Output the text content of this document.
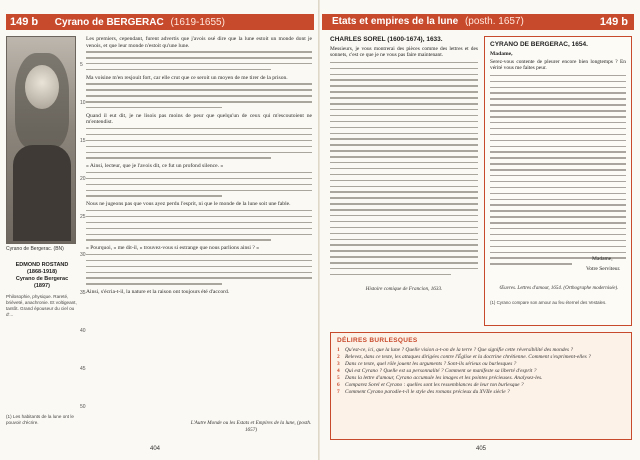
149 b Cyrano de BERGERAC (1619-1655)
Cyrano de Bergerac. (BN)
EDMOND ROSTAND
(1868-1918)
Cyrano de Bergerac
(1897)
Philosophie, physique. Rareté, brièveté, anachronie. Et voltigeant, tantôt. Grand épouseur du ciel ou d'...
(1) Les habitants de la lune ont le pouvoir d'écrire.

Les premiers, cependant, furent advertis que j'avois osé dire que la lune estoit un monde dont je venois, et que leur monde n'estoit qu'une lune.

Ma voisine m'en resjouit fort, car elle crut que ce seroit un moyen de me tirer de la prison.

Quand il eut dit, je ne lisois pas moins de peur que quelqu'un de ceux qui m'escoutoient ne m'entendist.

« Ainsi, lecteur, que je l'avois dit, ce fut un profond silence. »

Nous ne jugeons pas que vous ayez perdu l'esprit, ni que le monde de la lune soit une fable.

« Pourquoi, » me dit-il, « trouvez-vous si estrange que nous parlions ainsi ? »

Ainsi, s'écria-t-il, la nature et la raison ont toujours été d'accord.

5
10
15
20
25
30
35
40
45
50
L'Autre Monde ou les Estats et Empires de la lune, (posth. 1657)
404
Etats et empires de la lune (posth. 1657)	149 b
CHARLES SOREL (1600-1674), 1633.

Messieurs, je vous montrerai des pièces comme des lettres et des sonnets, c'est ce que je ne vous pas faire maintenant.

Histoire comique de Francion, 1633.
CYRANO DE BERGERAC, 1654.

Madame,

Serez-vous contente de pleurer encore bien longtemps ? En vérité vous me faites peur.

Madame,
Votre Serviteur.
Œuvres. Lettres d'amour, 1654. (Orthographe modernisée).
(1) Cyrano compare son amour au feu éternel des Vestales.
DÉLIRES BURLESQUES
1 Qu'est-ce, ici, que la lune ? Quelle vision a-t-on de la terre ? Que signifie cette réversibilité des mondes ?
2 Relevez, dans ce texte, les attaques dirigées contre l'Église et la doctrine chrétienne. Comment s'expriment-elles ?
3 Dans ce texte, quel rôle jouent les arguments ? Sont-ils sérieux ou burlesques ?
4 Qui est Cyrano ? Quelle est sa personnalité ? Comment se manifeste sa liberté d'esprit ?
5 Dans la lettre d'amour, Cyrano accumule les images et les pointes précieuses. Analysez-les.
6 Comparez Sorel et Cyrano : quelles sont les ressemblances de leur ton burlesque ?
7 Comment Cyrano parodie-t-il le style des romans précieux du XVIIe siècle ?
405
